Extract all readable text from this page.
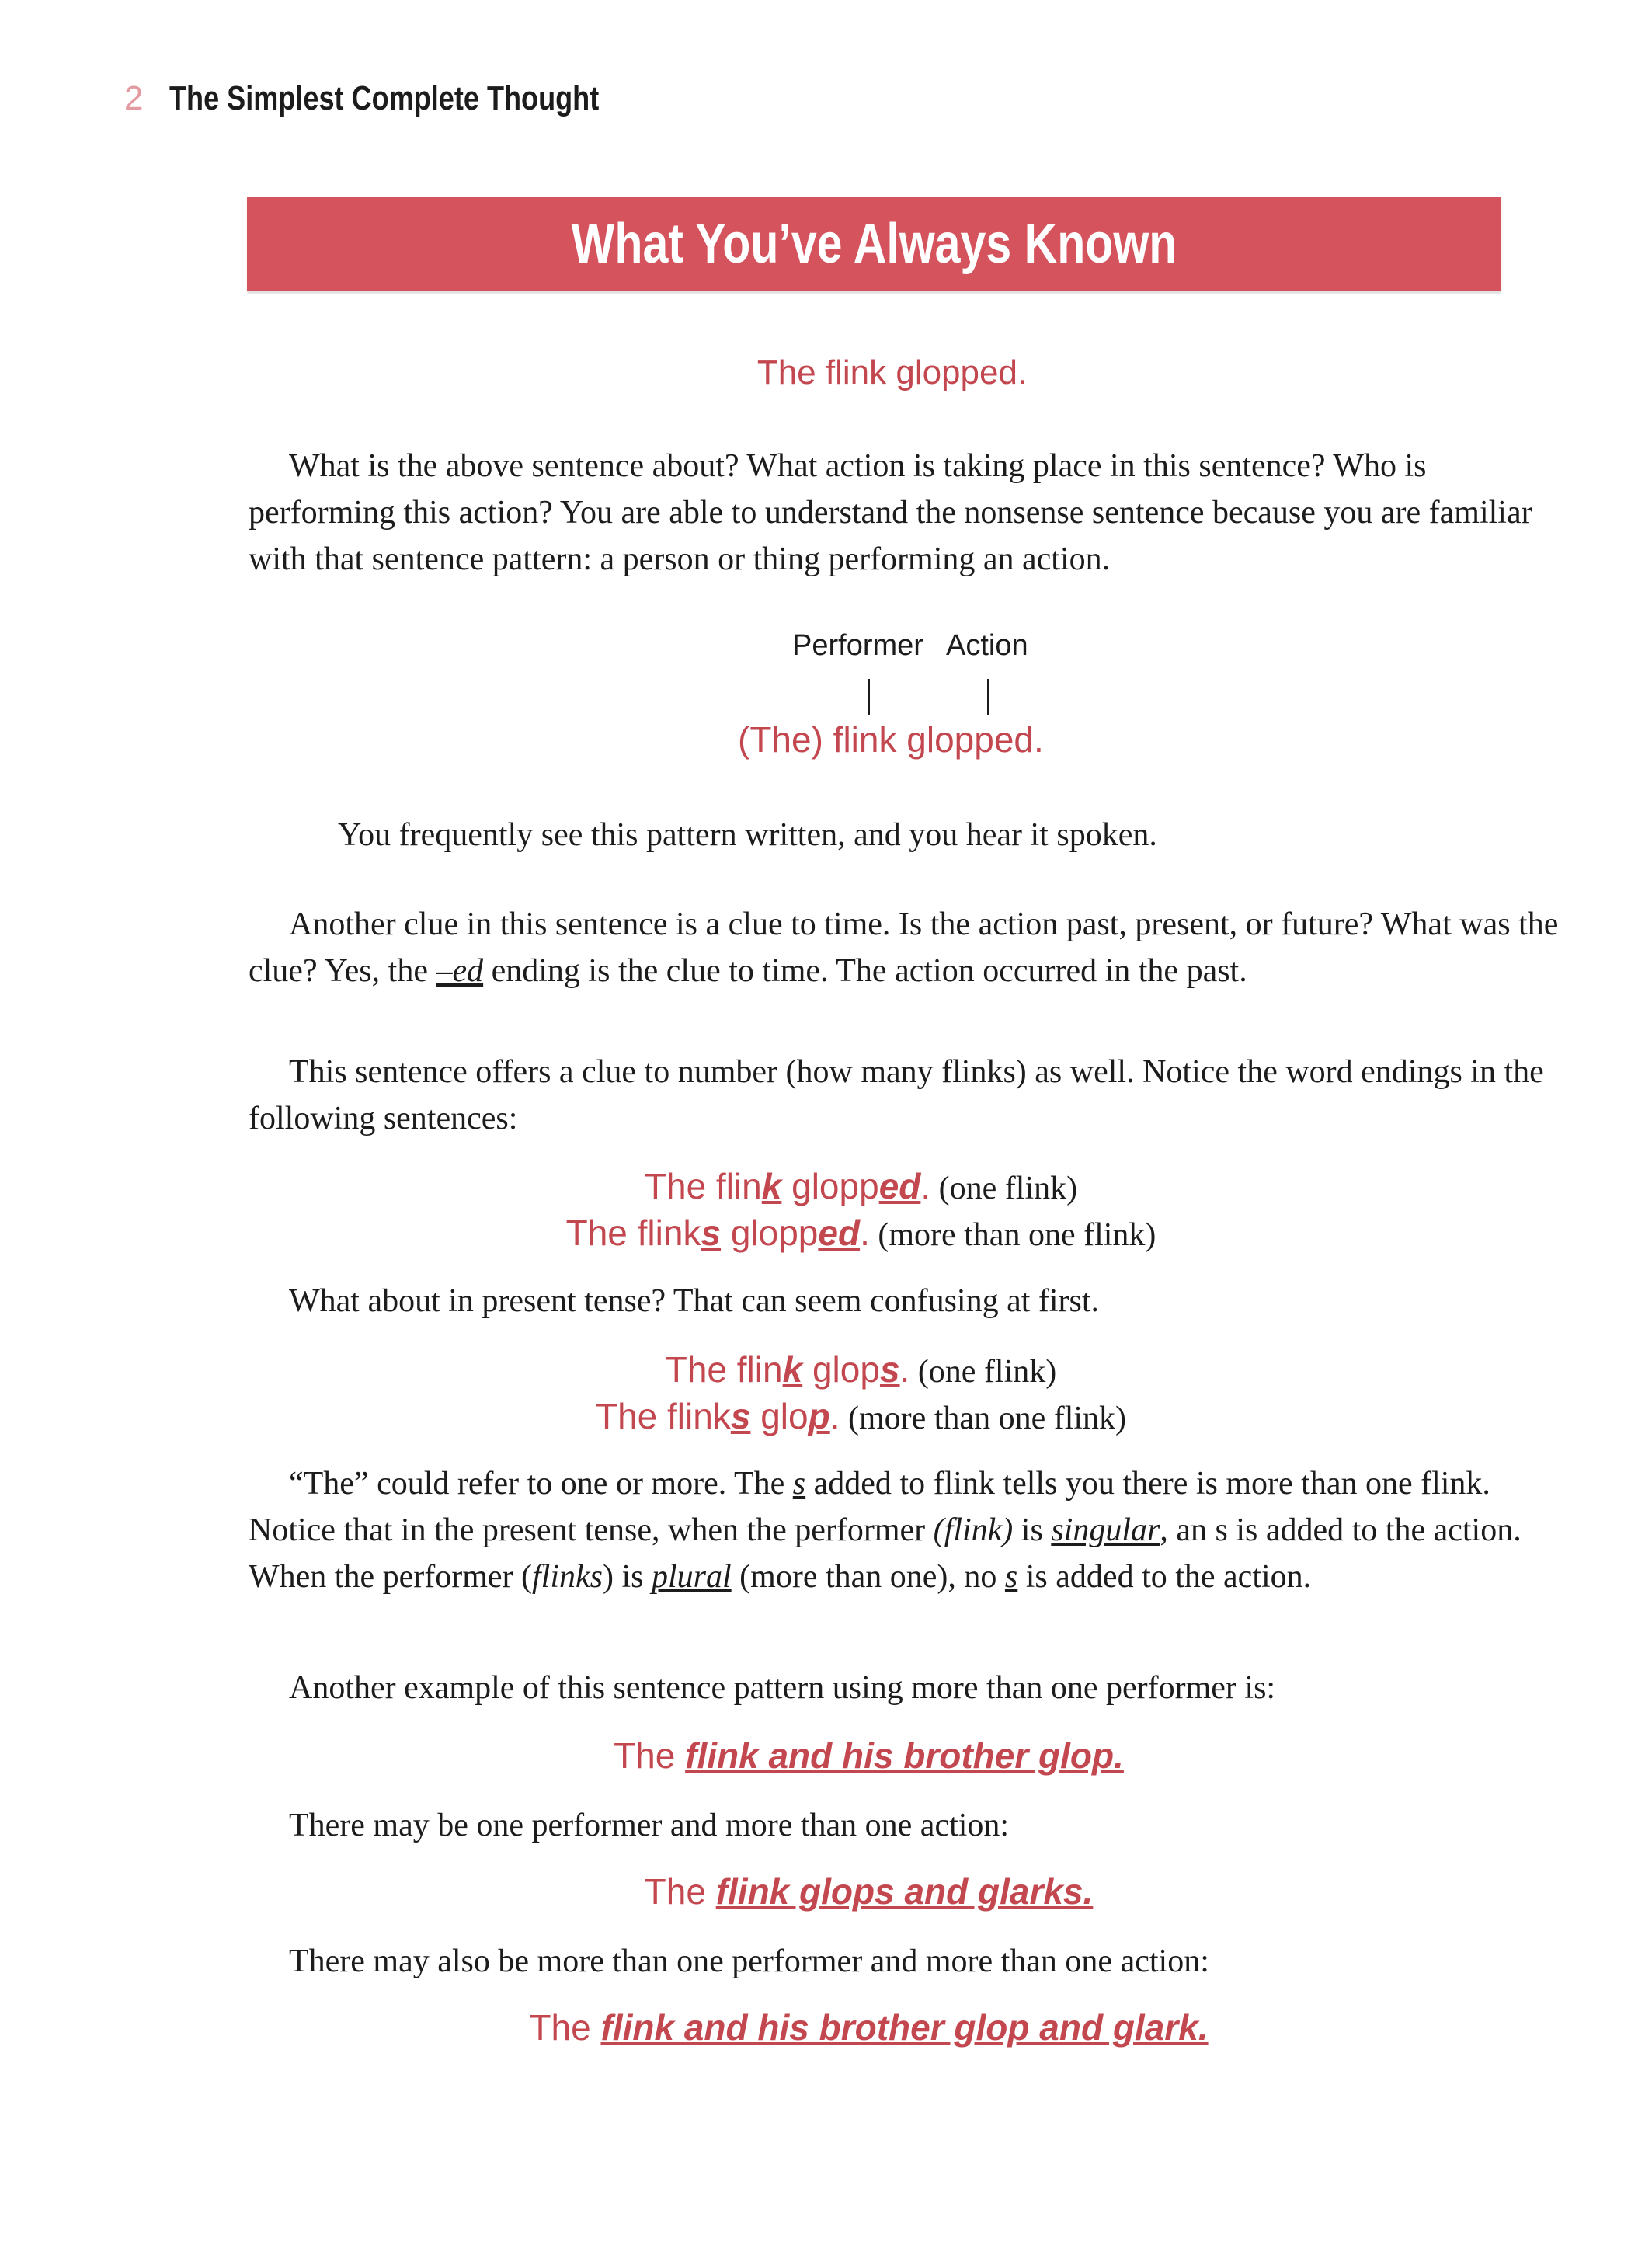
2 The Simplest Complete Thought
What You’ve Always Known
The flink glopped.
What is the above sentence about? What action is taking place in this sentence? Who is performing this action? You are able to understand the nonsense sentence because you are familiar with that sentence pattern: a person or thing performing an action.
Performer Action
(The) flink glopped.
You frequently see this pattern written, and you hear it spoken.
Another clue in this sentence is a clue to time. Is the action past, present, or future? What was the clue? Yes, the –ed ending is the clue to time. The action occurred in the past.
This sentence offers a clue to number (how many flinks) as well. Notice the word endings in the following sentences:
The flink glopped. (one flink)
The flinks glopped. (more than one flink)
What about in present tense? That can seem confusing at first.
The flink glops. (one flink)
The flinks glop. (more than one flink)
“The” could refer to one or more. The s added to flink tells you there is more than one flink. Notice that in the present tense, when the performer (flink) is singular, an s is added to the action. When the performer (flinks) is plural (more than one), no s is added to the action.
Another example of this sentence pattern using more than one performer is:
The flink and his brother glop.
There may be one performer and more than one action:
The flink glops and glarks.
There may also be more than one performer and more than one action:
The flink and his brother glop and glark.
